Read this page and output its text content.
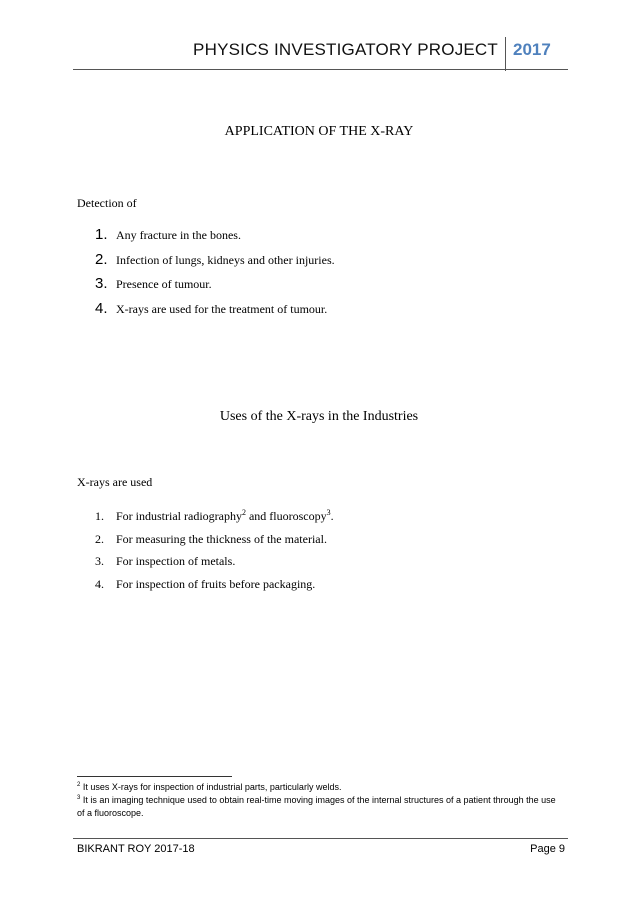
PHYSICS INVESTIGATORY PROJECT 2017
APPLICATION OF THE X-RAY
Detection of
1. Any fracture in the bones.
2. Infection of lungs, kidneys and other injuries.
3. Presence of tumour.
4. X-rays are used for the treatment of tumour.
Uses of the X-rays in the Industries
X-rays are used
1. For industrial radiography$^2$ and fluoroscopy$^3$.
2. For measuring the thickness of the material.
3. For inspection of metals.
4. For inspection of fruits before packaging.
$^2$ It uses X-rays for inspection of industrial parts, particularly welds.
$^3$ It is an imaging technique used to obtain real-time moving images of the internal structures of a patient through the use of a fluoroscope.
BIKRANT ROY 2017-18	Page 9
